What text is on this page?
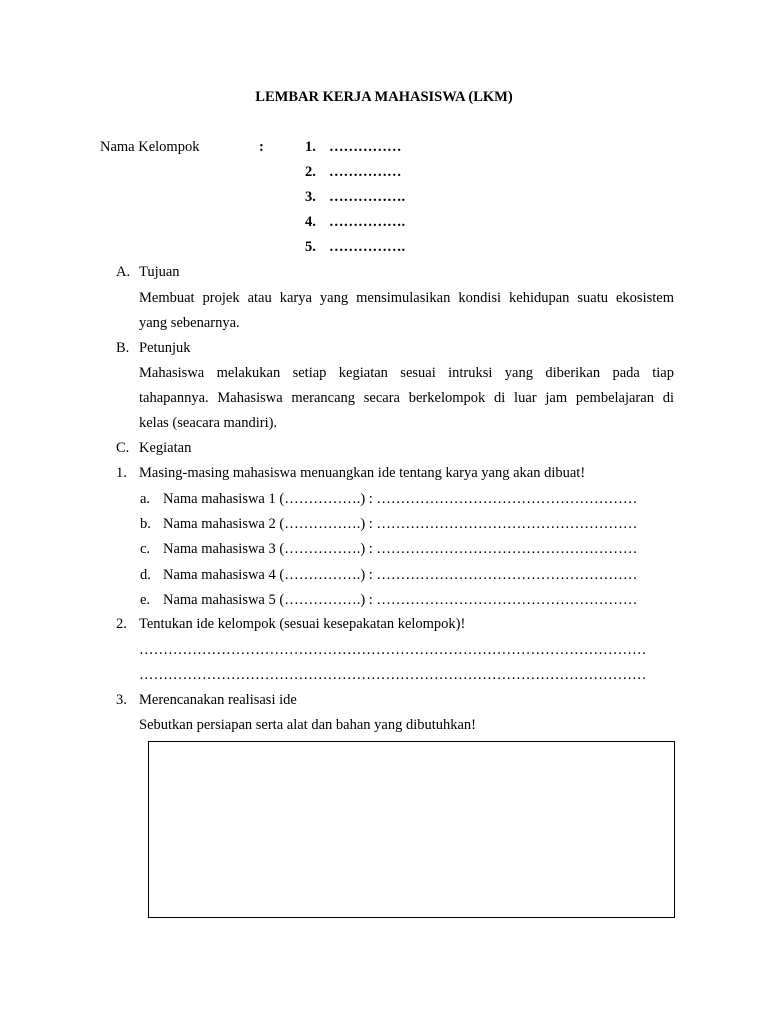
LEMBAR KERJA MAHASISWA (LKM)
Nama Kelompok	:	1. ……………
2. ……………
3. …………….
4. …………….
5. …………….
A. Tujuan
Membuat projek atau karya yang mensimulasikan kondisi kehidupan suatu ekosistem
yang sebenarnya.
B. Petunjuk
Mahasiswa melakukan setiap kegiatan sesuai intruksi yang diberikan pada tiap
tahapannya. Mahasiswa merancang secara berkelompok di luar jam pembelajaran di
kelas (seacara mandiri).
C. Kegiatan
1. Masing-masing mahasiswa menuangkan ide tentang karya yang akan dibuat!
a. Nama mahasiswa 1 (…………….) : ………………………………………………
b. Nama mahasiswa 2 (…………….) : ………………………………………………
c. Nama mahasiswa 3 (…………….) : ………………………………………………
d. Nama mahasiswa 4 (…………….) : ………………………………………………
e. Nama mahasiswa 5 (…………….) : ………………………………………………
2. Tentukan ide kelompok (sesuai kesepakatan kelompok)!
……………………………………………………………………………………………
……………………………………………………………………………………………
3. Merencanakan realisasi ide
Sebutkan persiapan serta alat dan bahan yang dibutuhkan!
